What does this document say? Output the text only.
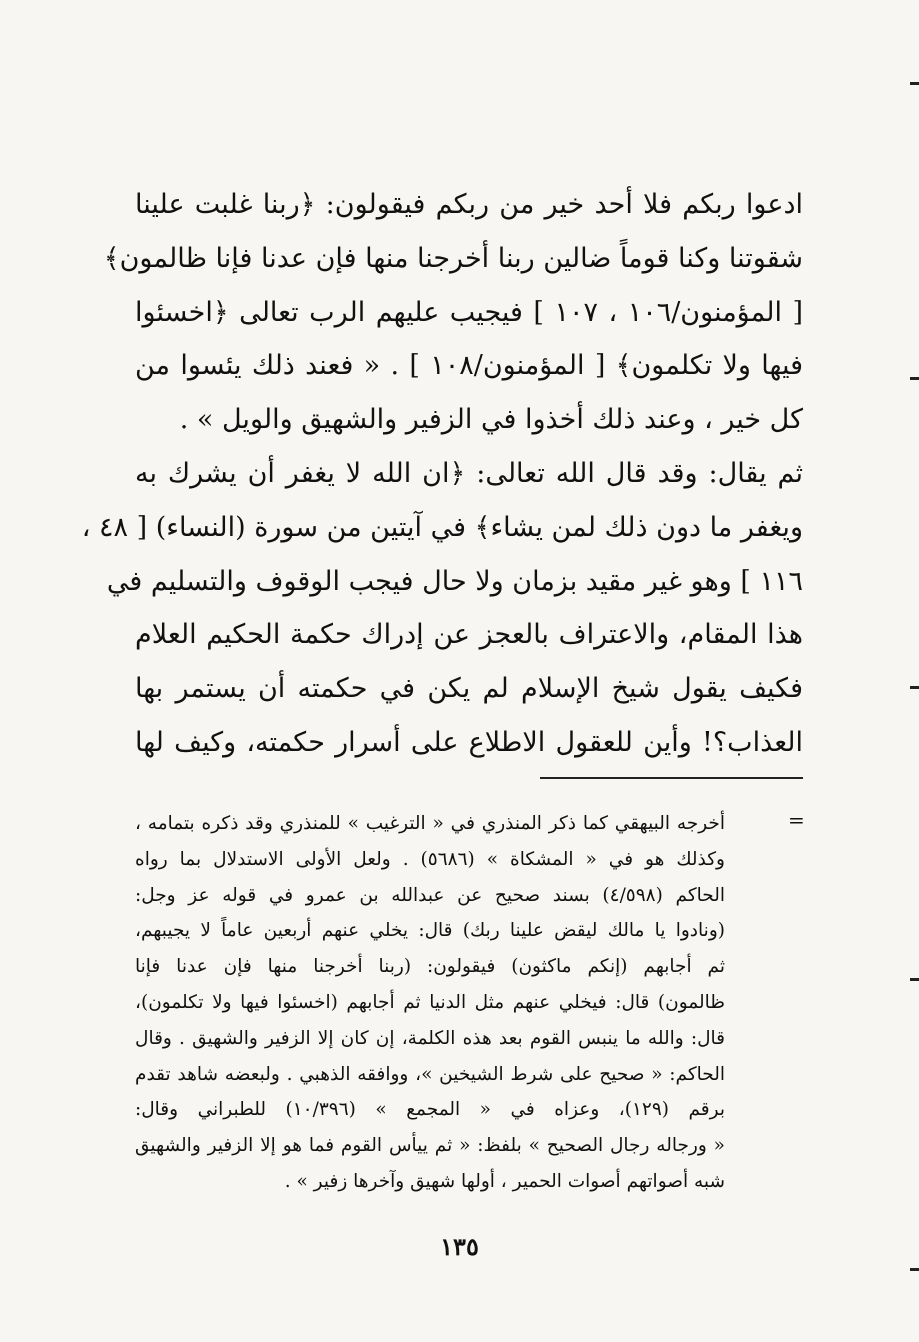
ادعوا ربكم فلا أحد خير من ربكم فيقولون: ﴿ربنا غلبت علينا
شقوتنا وكنا قوماً ضالين ربنا أخرجنا منها فإن عدنا فإنا ظالمون﴾
[ المؤمنون/١٠٦ ، ١٠٧ ] فيجيب عليهم الرب تعالى ﴿اخسئوا
فيها ولا تكلمون﴾ [ المؤمنون/١٠٨ ] . « فعند ذلك يئسوا من
كل خير ، وعند ذلك أخذوا في الزفير والشهيق والويل » .
ثم يقال: وقد قال الله تعالى: ﴿ان الله لا يغفر أن يشرك به
ويغفر ما دون ذلك لمن يشاء﴾ في آيتين من سورة (النساء) [ ٤٨ ،
١١٦ ] وهو غير مقيد بزمان ولا حال فيجب الوقوف والتسليم في
هذا المقام، والاعتراف بالعجز عن إدراك حكمة الحكيم العلام
فكيف يقول شيخ الإسلام لم يكن في حكمته أن يستمر بها
العذاب؟! وأين للعقول الاطلاع على أسرار حكمته، وكيف لها
=
أخرجه البيهقي كما ذكر المنذري في « الترغيب » للمنذري وقد ذكره بتمامه ،
وكذلك هو في « المشكاة » (٥٦٨٦) . ولعل الأولى الاستدلال بما رواه
الحاكم (٤/٥٩٨) بسند صحيح عن عبدالله بن عمرو في قوله عز وجل:
(ونادوا يا مالك ليقض علينا ربك) قال: يخلي عنهم أربعين عاماً لا يجيبهم،
ثم أجابهم (إنكم ماكثون) فيقولون: (ربنا أخرجنا منها فإن عدنا فإنا
ظالمون) قال: فيخلي عنهم مثل الدنيا ثم أجابهم (اخسئوا فيها ولا تكلمون)،
قال: والله ما ينبس القوم بعد هذه الكلمة، إن كان إلا الزفير والشهيق . وقال
الحاكم: « صحيح على شرط الشيخين »، ووافقه الذهبي . ولبعضه شاهد تقدم
برقم (١٢٩)، وعزاه في « المجمع » (١٠/٣٩٦) للطبراني وقال:
« ورجاله رجال الصحيح » بلفظ: « ثم ييأس القوم فما هو إلا الزفير والشهيق
شبه أصواتهم أصوات الحمير ، أولها شهيق وآخرها زفير » .
١٣٥
